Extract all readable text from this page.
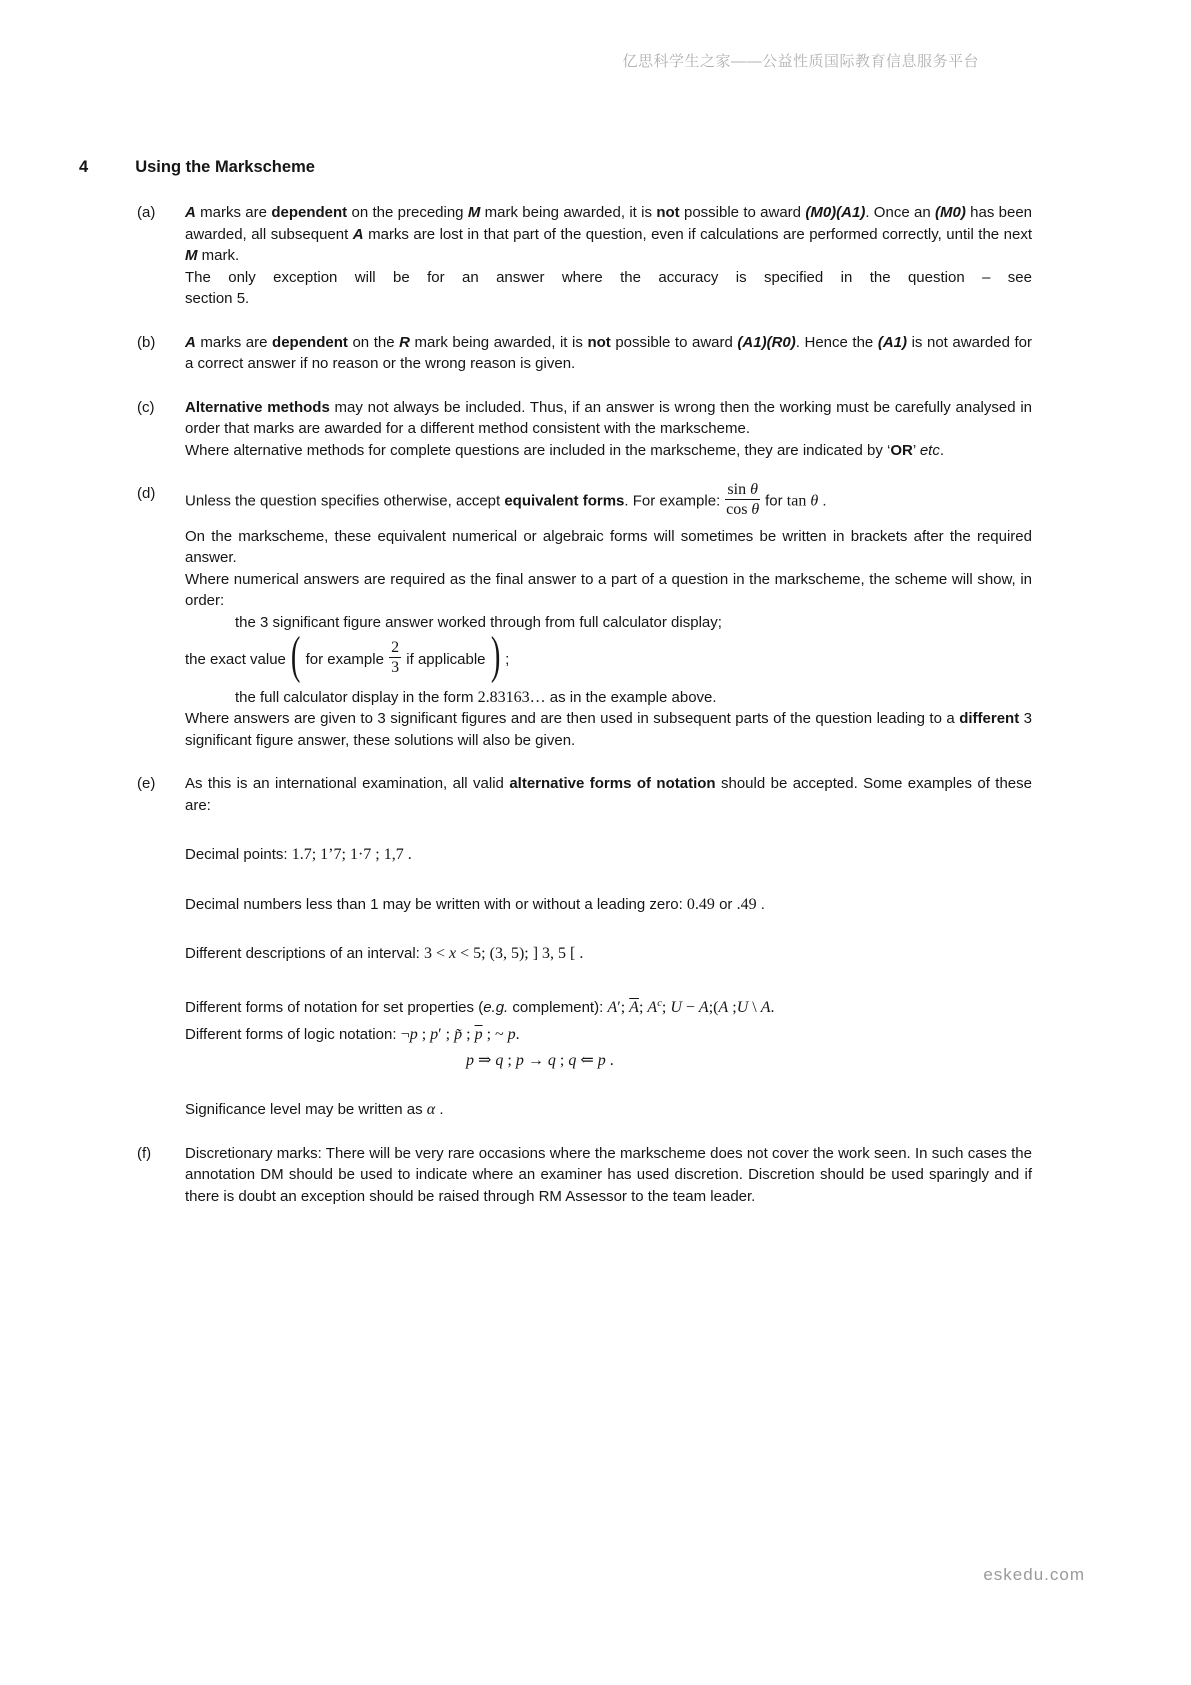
亿思科学生之家——公益性质国际教育信息服务平台
4	Using the Markscheme
(a)	A marks are dependent on the preceding M mark being awarded, it is not possible to award (M0)(A1). Once an (M0) has been awarded, all subsequent A marks are lost in that part of the question, even if calculations are performed correctly, until the next M mark.

The only exception will be for an answer where the accuracy is specified in the question – see

section 5.

(b)	A marks are dependent on the R mark being awarded, it is not possible to award (A1)(R0). Hence the (A1) is not awarded for a correct answer if no reason or the wrong reason is given.

(c)	Alternative methods may not always be included. Thus, if an answer is wrong then the working must be carefully analysed in order that marks are awarded for a different method consistent with the markscheme.

Where alternative methods for complete questions are included in the markscheme, they are indicated by ‘OR’ etc.

(d)	Unless the question specifies otherwise, accept equivalent forms. For example: $\frac{\text{sin θ}}{\text{cos θ}}$ for tan θ .

On the markscheme, these equivalent numerical or algebraic forms will sometimes be written in brackets after the required answer.

Where numerical answers are required as the final answer to a part of a question in the markscheme, the scheme will show, in order:

the 3 significant figure answer worked through from full calculator display;

the exact value ( for example $\frac{2}{3}$ if applicable ) ;

the full calculator display in the form 2.83163… as in the example above.

Where answers are given to 3 significant figures and are then used in subsequent parts of the question leading to a different 3 significant figure answer, these solutions will also be given.

(e)	As this is an international examination, all valid alternative forms of notation should be accepted. Some examples of these are:

Decimal points: 1.7; 1’7; 1·7 ; 1,7 .

Decimal numbers less than 1 may be written with or without a leading zero: 0.49 or .49 .

Different descriptions of an interval: 3 < x < 5; (3, 5); ] 3, 5 [ .

Different forms of notation for set properties (e.g. complement): A′; $\overline{A}$; $A^c$; U − A;(A ;U \ A.

Different forms of logic notation: ¬p ; p′ ; p̃ ; $\overline{p}$ ; ~ p.

p ⇒ q ; p → q ; q ⇐ p .

Significance level may be written as α .

(f)	Discretionary marks: There will be very rare occasions where the markscheme does not cover the work seen. In such cases the annotation DM should be used to indicate where an examiner has used discretion. Discretion should be used sparingly and if there is doubt an exception should be raised through RM Assessor to the team leader.

eskedu.com
